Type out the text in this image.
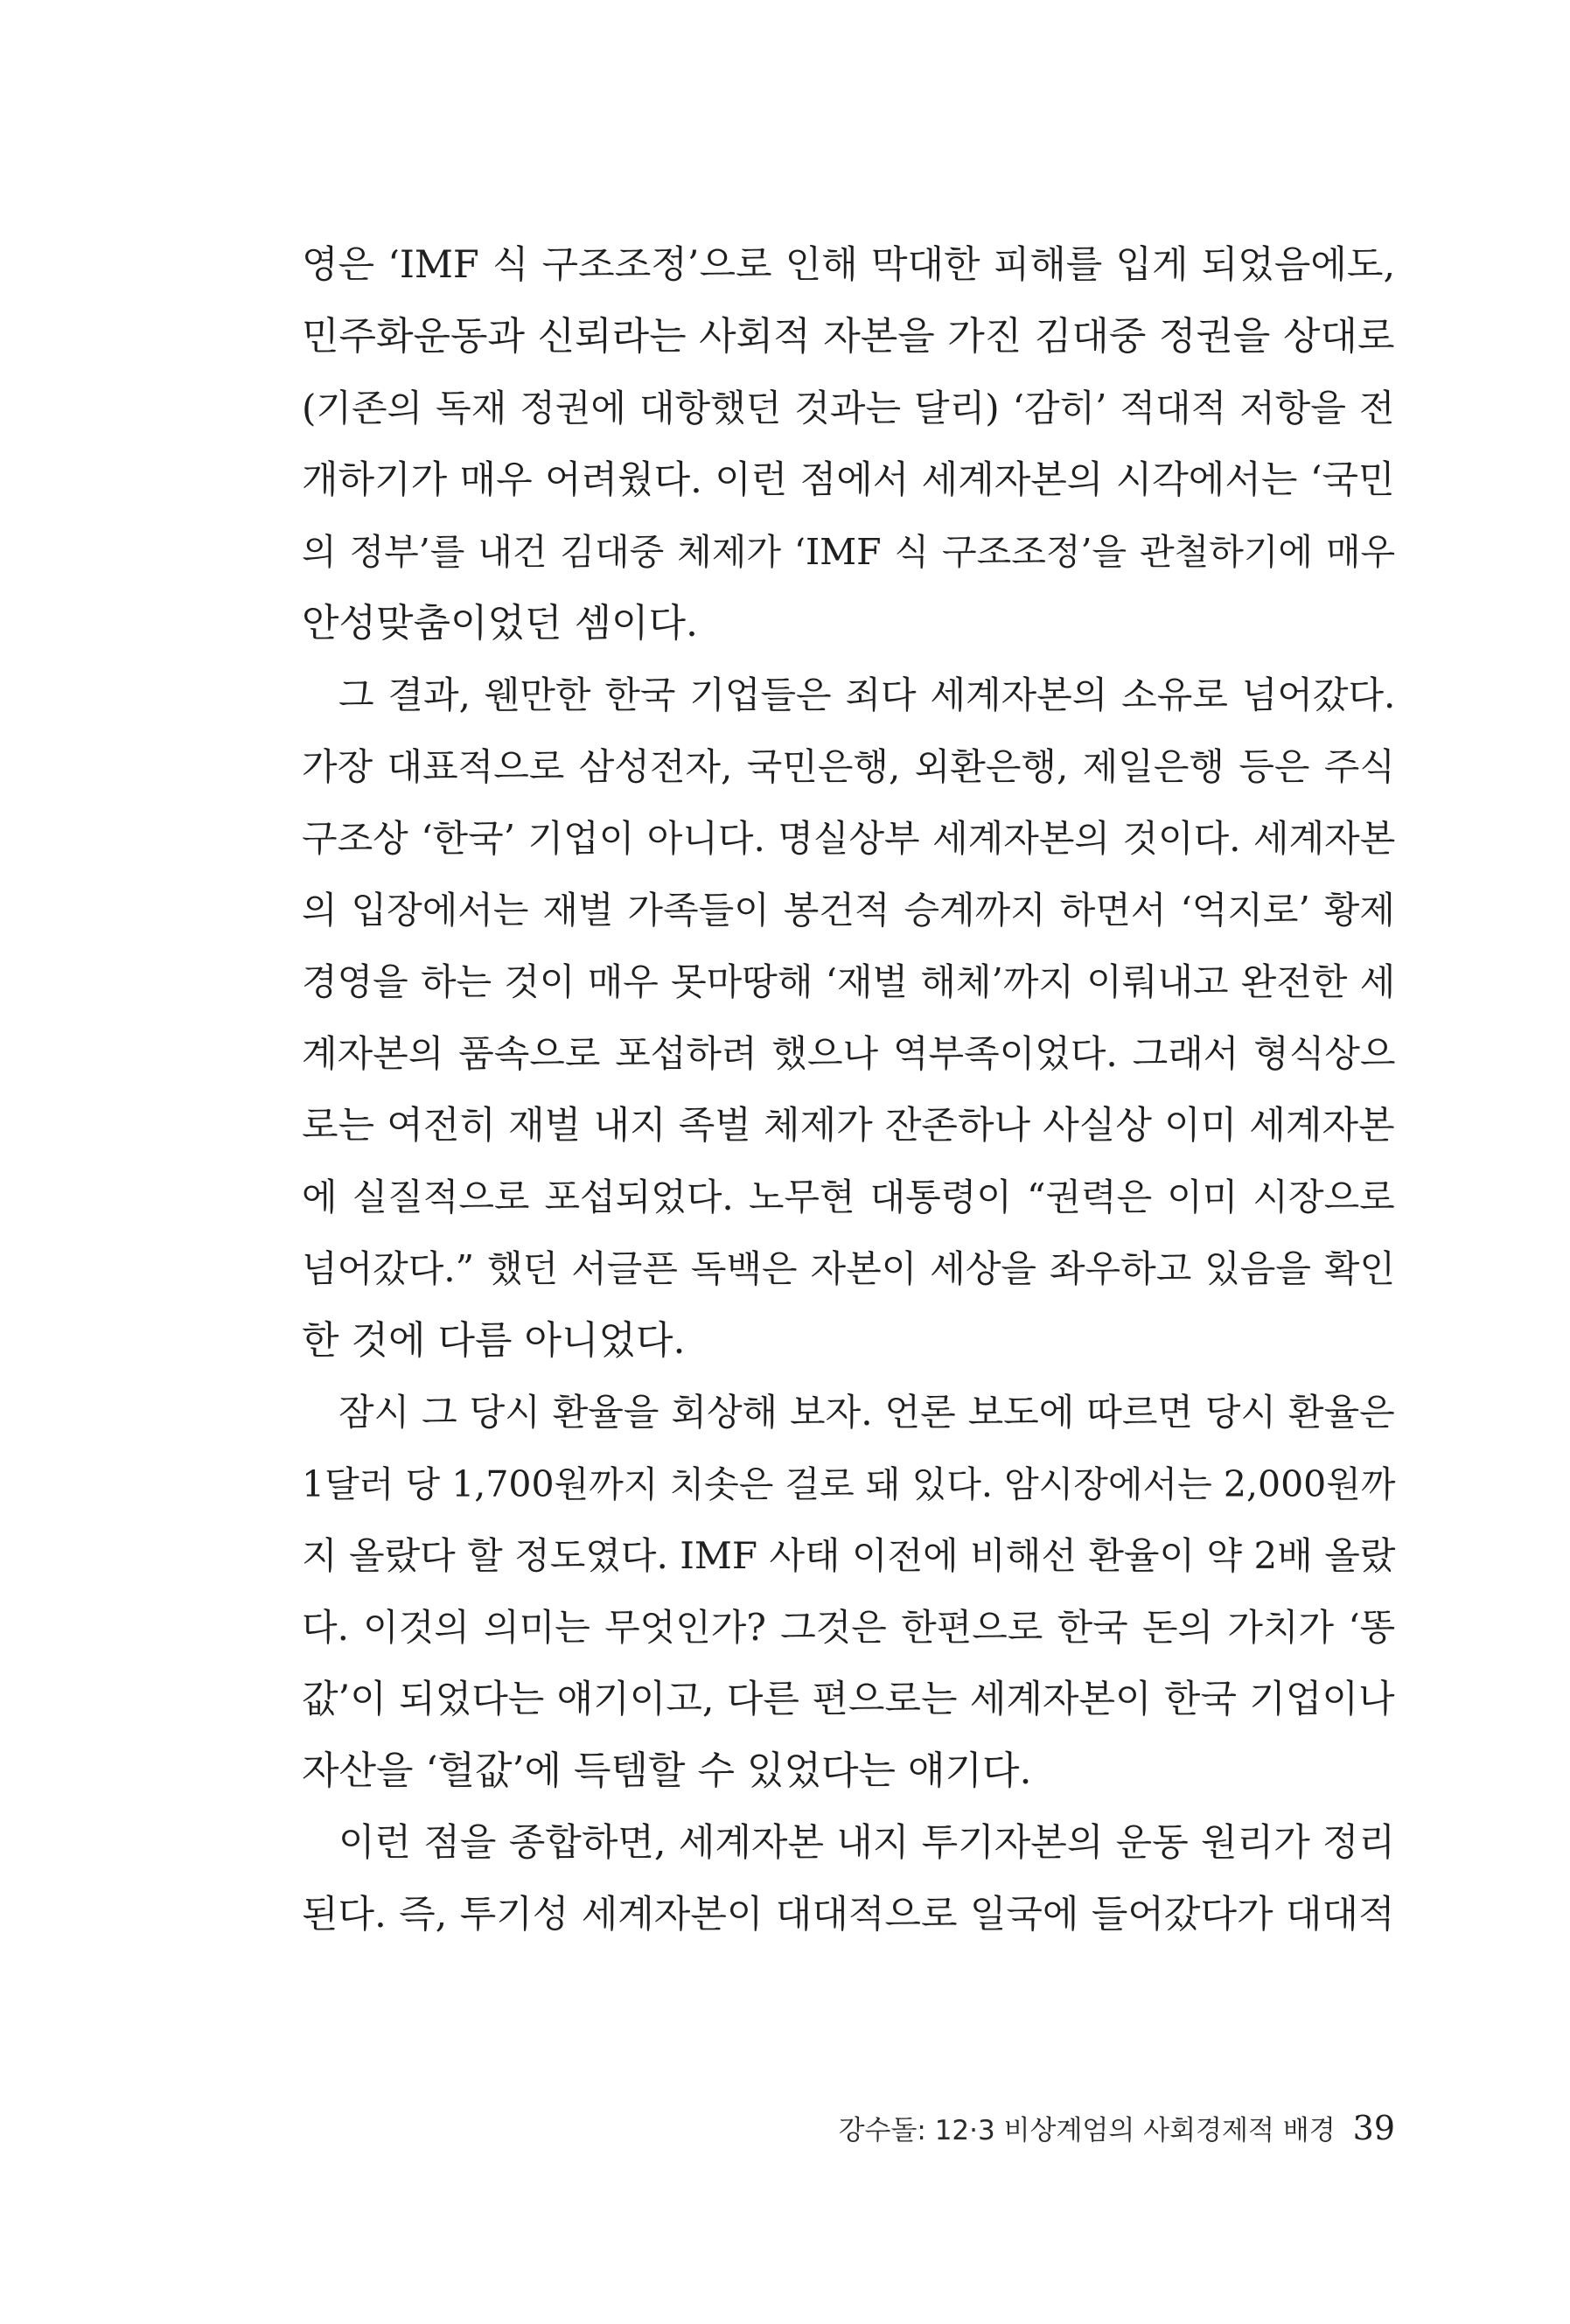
영은 ‘IMF 식 구조조정’으로 인해 막대한 피해를 입게 되었음에도,
민주화운동과 신뢰라는 사회적 자본을 가진 김대중 정권을 상대로
(기존의 독재 정권에 대항했던 것과는 달리) ‘감히’ 적대적 저항을 전
개하기가 매우 어려웠다. 이런 점에서 세계자본의 시각에서는 ‘국민
의 정부’를 내건 김대중 체제가 ‘IMF 식 구조조정’을 관철하기에 매우
안성맞춤이었던 셈이다.
그 결과, 웬만한 한국 기업들은 죄다 세계자본의 소유로 넘어갔다.
가장 대표적으로 삼성전자, 국민은행, 외환은행, 제일은행 등은 주식
구조상 ‘한국’ 기업이 아니다. 명실상부 세계자본의 것이다. 세계자본
의 입장에서는 재벌 가족들이 봉건적 승계까지 하면서 ‘억지로’ 황제
경영을 하는 것이 매우 못마땅해 ‘재벌 해체’까지 이뤄내고 완전한 세
계자본의 품속으로 포섭하려 했으나 역부족이었다. 그래서 형식상으
로는 여전히 재벌 내지 족벌 체제가 잔존하나 사실상 이미 세계자본
에 실질적으로 포섭되었다. 노무현 대통령이 “권력은 이미 시장으로
넘어갔다.” 했던 서글픈 독백은 자본이 세상을 좌우하고 있음을 확인
한 것에 다름 아니었다.
잠시 그 당시 환율을 회상해 보자. 언론 보도에 따르면 당시 환율은
1달러 당 1,700원까지 치솟은 걸로 돼 있다. 암시장에서는 2,000원까
지 올랐다 할 정도였다. IMF 사태 이전에 비해선 환율이 약 2배 올랐
다. 이것의 의미는 무엇인가? 그것은 한편으로 한국 돈의 가치가 ‘똥
값’이 되었다는 얘기이고, 다른 편으로는 세계자본이 한국 기업이나
자산을 ‘헐값’에 득템할 수 있었다는 얘기다.
이런 점을 종합하면, 세계자본 내지 투기자본의 운동 원리가 정리
된다. 즉, 투기성 세계자본이 대대적으로 일국에 들어갔다가 대대적
강수돌: 12·3 비상계엄의 사회경제적 배경 39
